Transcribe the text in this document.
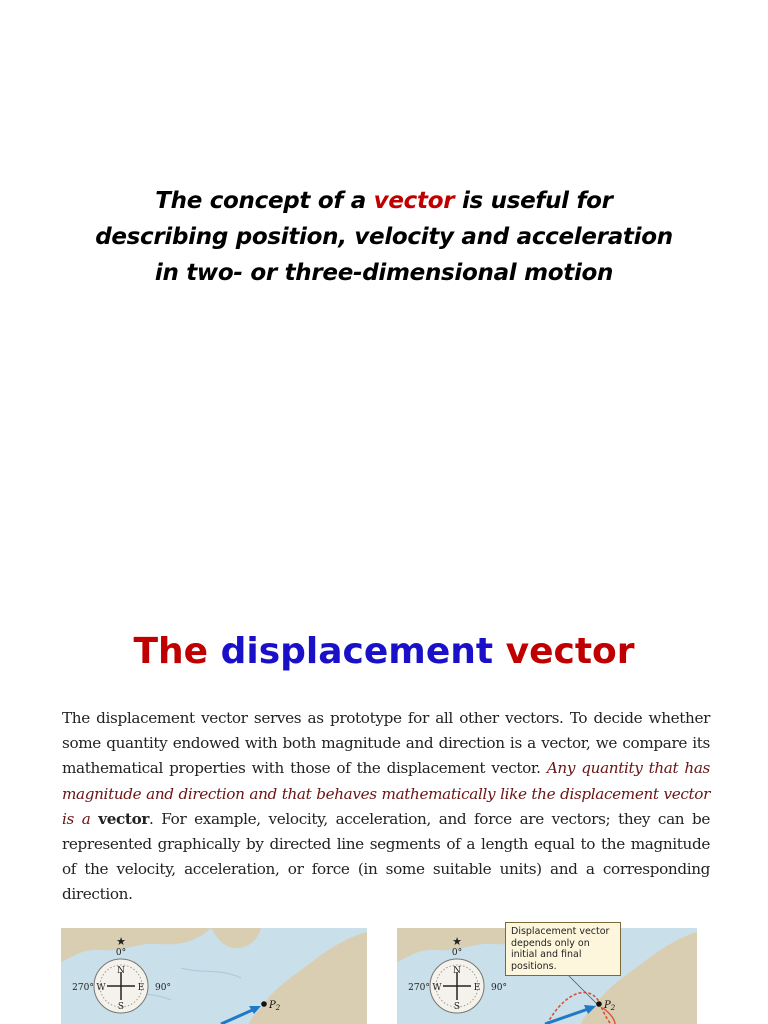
The concept of a vector is useful for
describing position, velocity and acceleration
in two- or three-dimensional motion
The displacement vector
The displacement vector serves as prototype for all other vectors. To decide whether some quantity endowed with both magnitude and direction is a vector, we compare its mathematical properties with those of the displacement vector. Any quantity that has magnitude and direction and that behaves mathematically like the displacement vector is a vector. For example, velocity, acceleration, and force are vectors; they can be represented graphically by directed line segments of a length equal to the magnitude of the velocity, acceleration, or force (in some suitable units) and a corresponding direction.
★
0°
N
W	E
S
270°	90°
$P_2$
★
0°
N
W	E
S
270°	90°
$P_2$
Displacement vector depends only on initial and final positions.
